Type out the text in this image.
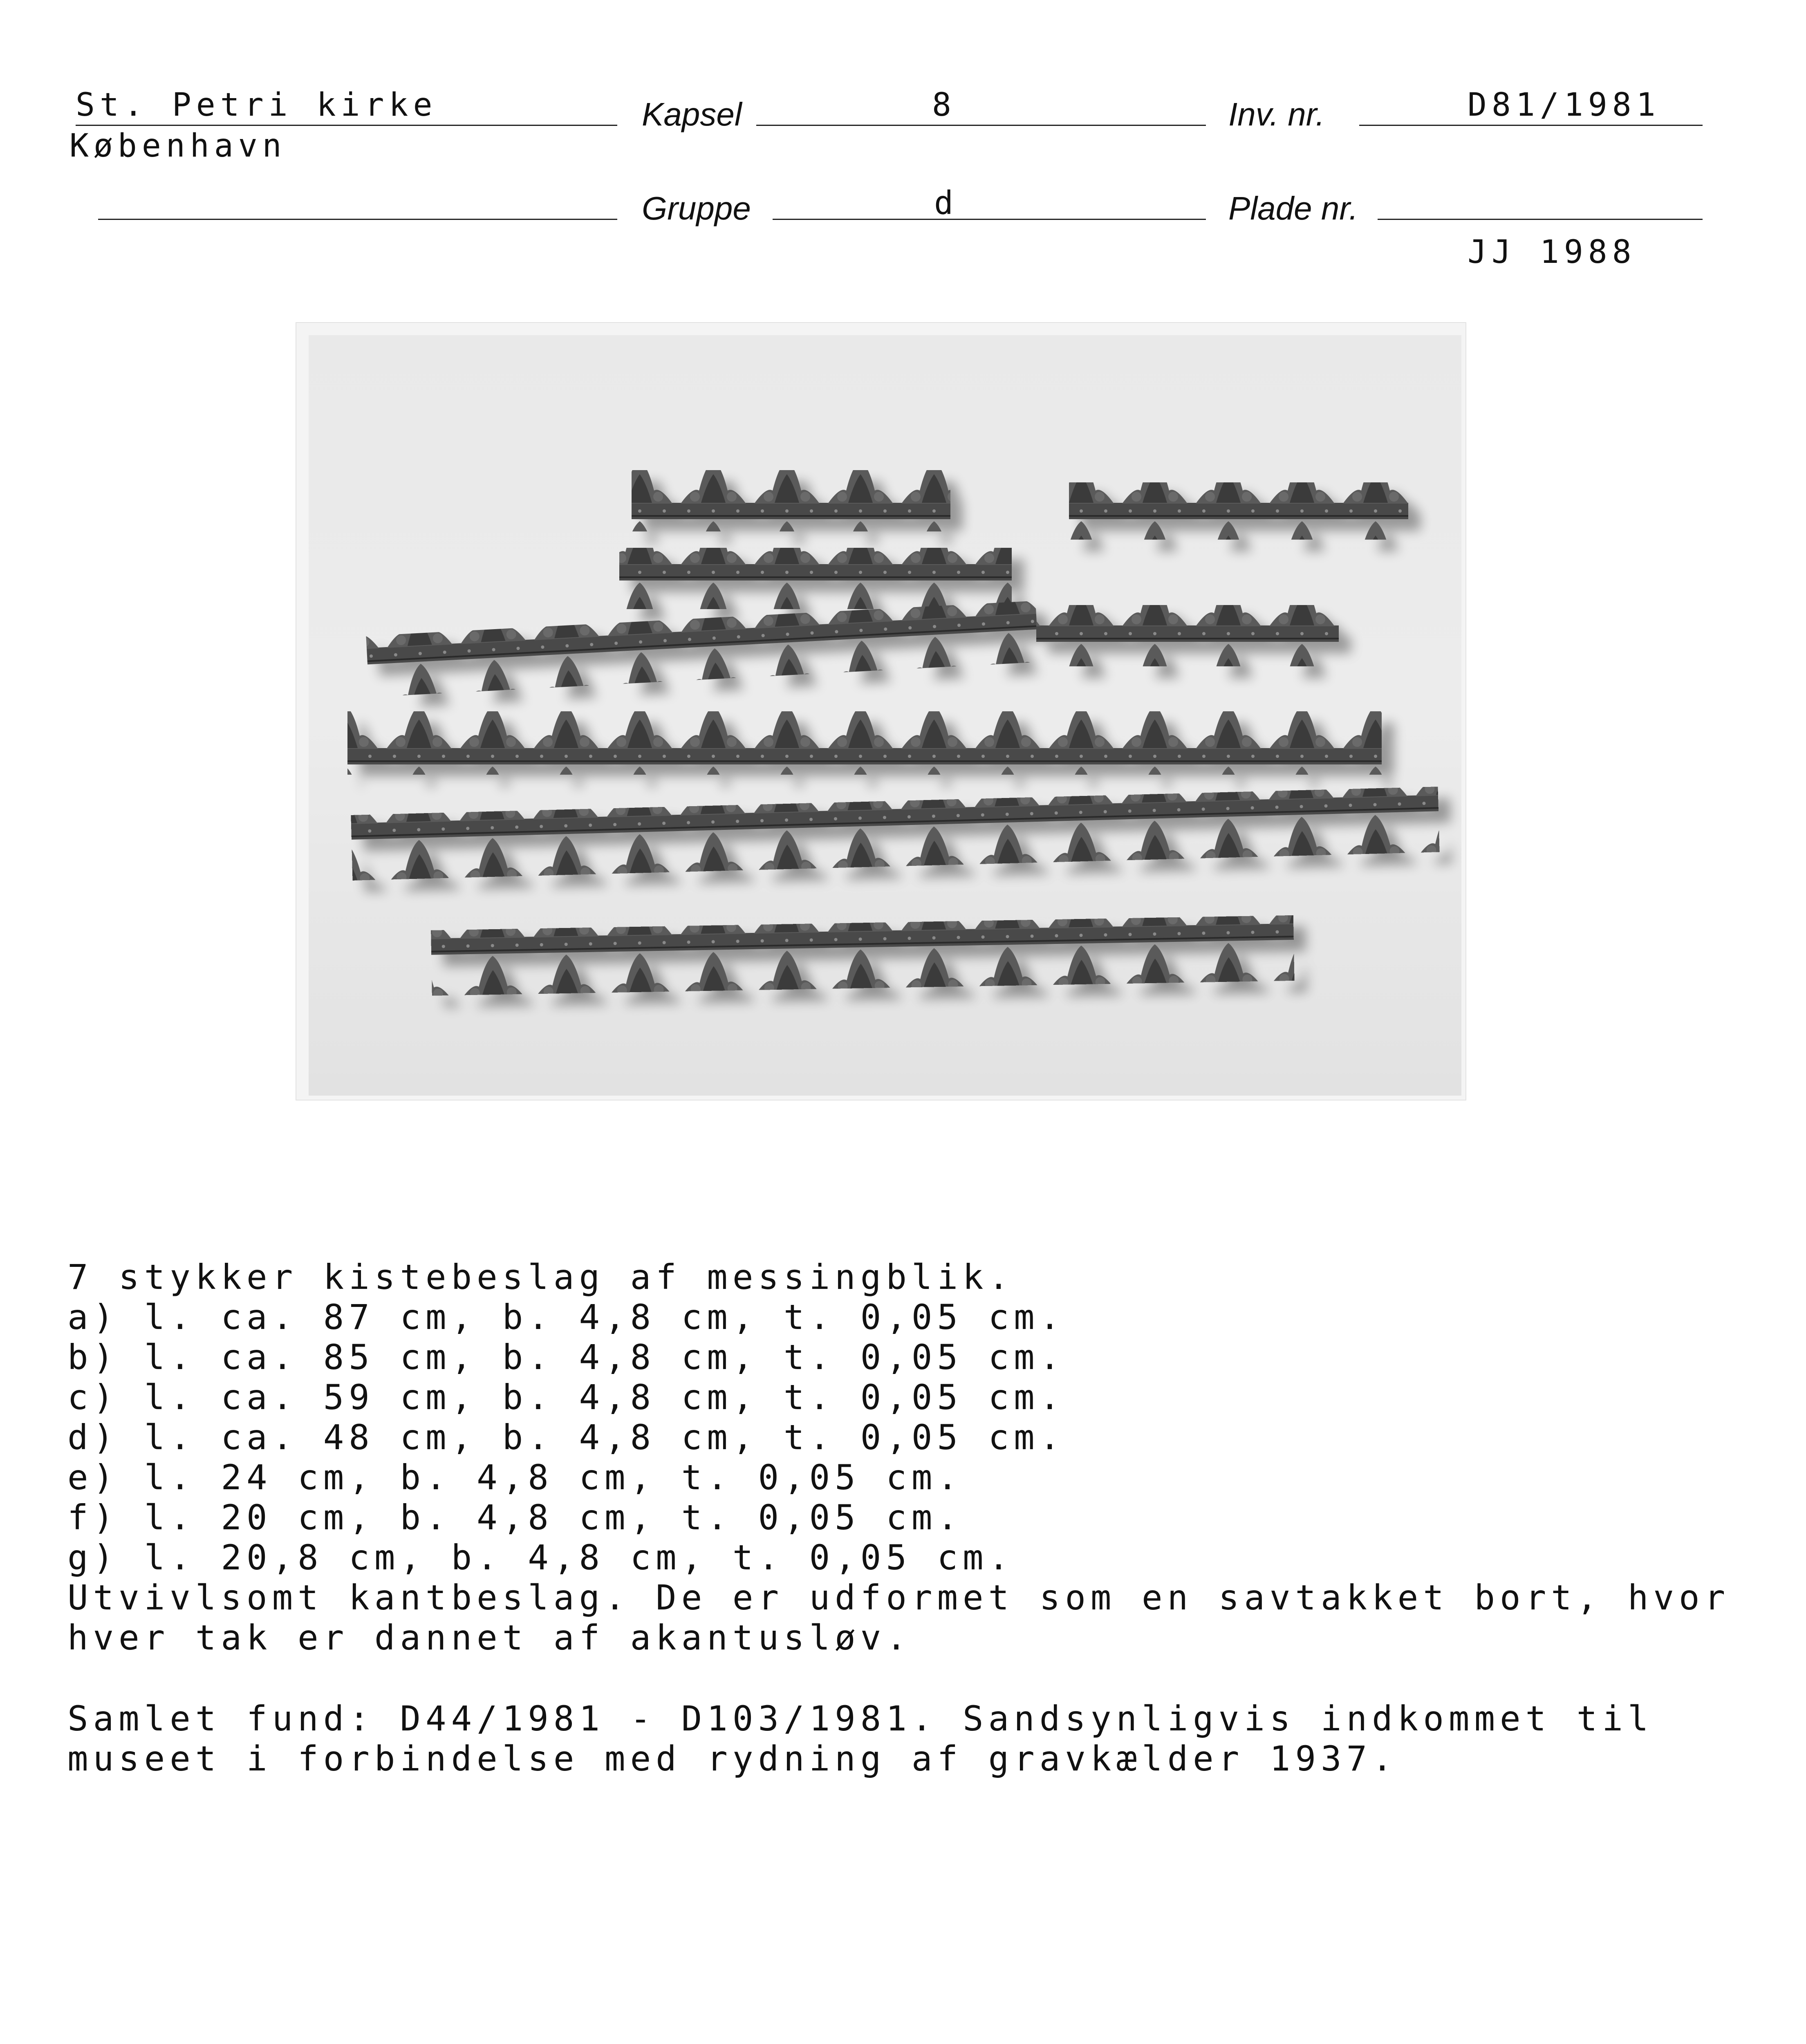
St. Petri kirke
København
Kapsel	8	Inv. nr.	D81/1981
Gruppe	d	Plade nr.
JJ 1988
7 stykker kistebeslag af messingblik.
a) l. ca. 87 cm, b. 4,8 cm, t. 0,05 cm.
b) l. ca. 85 cm, b. 4,8 cm, t. 0,05 cm.
c) l. ca. 59 cm, b. 4,8 cm, t. 0,05 cm.
d) l. ca. 48 cm, b. 4,8 cm, t. 0,05 cm.
e) l. 24 cm, b. 4,8 cm, t. 0,05 cm.
f) l. 20 cm, b. 4,8 cm, t. 0,05 cm.
g) l. 20,8 cm, b. 4,8 cm, t. 0,05 cm.
Utvivlsomt kantbeslag. De er udformet som en savtakket bort, hvor
hver tak er dannet af akantusløv.
Samlet fund: D44/1981 - D103/1981. Sandsynligvis indkommet til
museet i forbindelse med rydning af gravkælder 1937.
